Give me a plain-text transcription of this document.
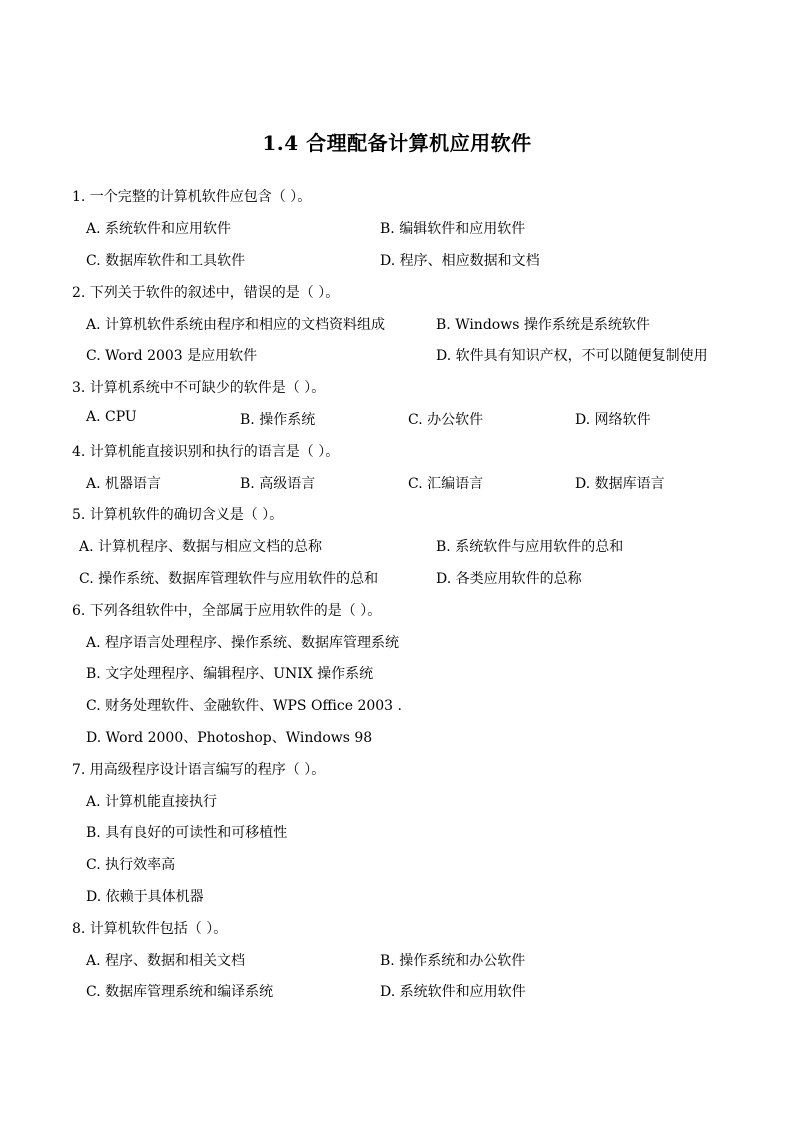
1.4 合理配备计算机应用软件
1. 一个完整的计算机软件应包含（ ）。
A. 系统软件和应用软件	B. 编辑软件和应用软件
C. 数据库软件和工具软件	D. 程序、相应数据和文档
2. 下列关于软件的叙述中，错误的是（ ）。
A. 计算机软件系统由程序和相应的文档资料组成	B. Windows 操作系统是系统软件
C. Word 2003 是应用软件	D. 软件具有知识产权，不可以随便复制使用
3. 计算机系统中不可缺少的软件是（ ）。
A. CPU	B. 操作系统	C. 办公软件	D. 网络软件
4. 计算机能直接识别和执行的语言是（ ）。
A. 机器语言	B. 高级语言	C. 汇编语言	D. 数据库语言
5. 计算机软件的确切含义是（ ）。
A. 计算机程序、数据与相应文档的总称	B. 系统软件与应用软件的总和
C. 操作系统、数据库管理软件与应用软件的总和	D. 各类应用软件的总称
6. 下列各组软件中，全部属于应用软件的是（ ）。
A. 程序语言处理程序、操作系统、数据库管理系统
B. 文字处理程序、编辑程序、UNIX 操作系统
C. 财务处理软件、金融软件、WPS Office 2003 .
D. Word 2000、Photoshop、Windows 98
7. 用高级程序设计语言编写的程序（ ）。
A. 计算机能直接执行
B. 具有良好的可读性和可移植性
C. 执行效率高
D. 依赖于具体机器
8. 计算机软件包括（ ）。
A. 程序、数据和相关文档	B. 操作系统和办公软件
C. 数据库管理系统和编译系统	D. 系统软件和应用软件
